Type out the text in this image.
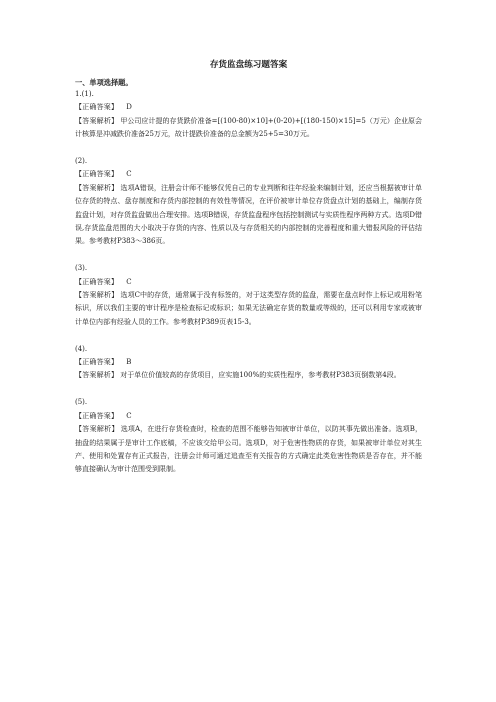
存货监盘练习题答案
一、单项选择题。
1.(1).
【正确答案】 D
【答案解析】 甲公司应计提的存货跌价准备=[(100-80)×10]+(0-20)+[(180-150)×15]=5（万元）企业原会计核算是冲减跌价准备25万元，故计提跌价准备的总金额为25+5=30万元。
(2).
【正确答案】 C
【答案解析】 选项A错误，注册会计师不能够仅凭自己的专业判断和往年经验来编制计划，还应当根据被审计单位存货的特点、盘存制度和存货内部控制的有效性等情况，在评价被审计单位存货盘点计划的基础上，编制存货监盘计划，对存货监盘做出合理安排。选项B错误，存货监盘程序包括控制测试与实质性程序两种方式。选项D错误,存货监盘范围的大小取决于存货的内容、性质以及与存货相关的内部控制的完善程度和重大错报风险的评估结果。参考教材P383～386页。
(3).
【正确答案】 C
【答案解析】 选项C中的存货，通常属于没有标签的，对于这类型存货的监盘，需要在盘点时作上标记或用粉笔标识，所以我们主要的审计程序是检查标记或标识；如果无法确定存货的数量或等级的，还可以利用专家或被审计单位内部有经验人员的工作。参考教材P389页表15-3。
(4).
【正确答案】 B
【答案解析】 对于单位价值较高的存货项目，应实施100%的实质性程序，参考教材P383页倒数第4段。
(5).
【正确答案】 C
【答案解析】 选项A，在进行存货检查时，检查的范围不能够告知被审计单位，以防其事先做出准备。选项B，抽盘的结果属于是审计工作底稿，不应该交给甲公司。选项D，对于危害性物质的存货，如果被审计单位对其生产、使用和处置存有正式报告，注册会计师可通过追查至有关报告的方式确定此类危害性物质是否存在，并不能够直接确认为审计范围受到限制。
